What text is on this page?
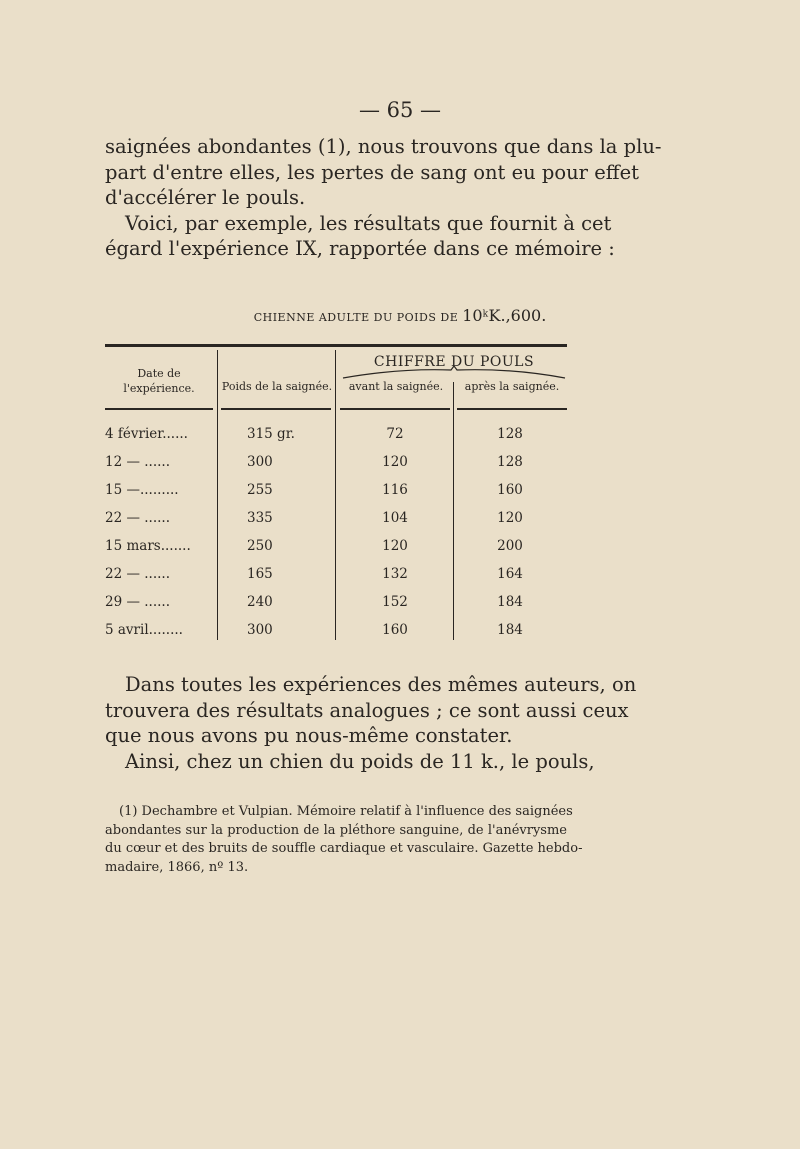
— 65 —

saignées abondantes (1), nous trouvons que dans la plu-
part d'entre elles, les pertes de sang ont eu pour effet
d'accélérer le pouls.

Voici, par exemple, les résultats que fournit à cet
égard l'expérience IX, rapportée dans ce mémoire :

CHIENNE ADULTE DU POIDS DE 10$^k$K.,600.
Date de
l'expérience.	Poids de la saignée.
CHIFFRE DU POULS
avant la saignée.	après la saignée.
4 février......	315 gr.	72	128
12 — ......	300	120	128
15 —.........	255	116	160
22 — ......	335	104	120
15 mars.......	250	120	200
22 — ......	165	132	164
29 — ......	240	152	184
5 avril........	300	160	184

Dans toutes les expériences des mêmes auteurs, on
trouvera des résultats analogues ; ce sont aussi ceux
que nous avons pu nous-même constater.

Ainsi, chez un chien du poids de 11 k., le pouls,

(1) Dechambre et Vulpian. Mémoire relatif à l'influence des saignées
abondantes sur la production de la pléthore sanguine, de l'anévrysme
du cœur et des bruits de souffle cardiaque et vasculaire. Gazette hebdo-
madaire, 1866, nº 13.
